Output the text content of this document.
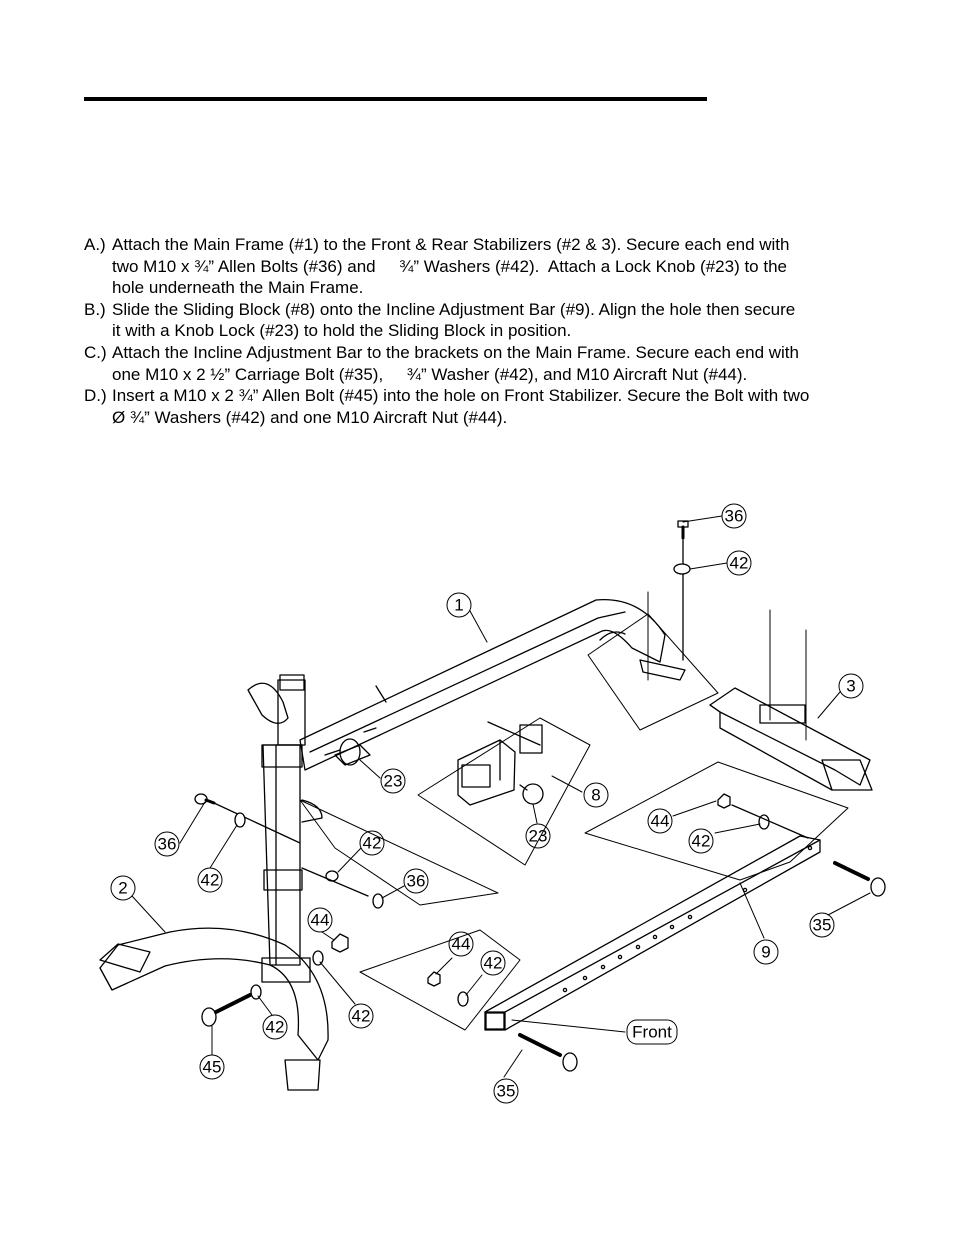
A.) Attach the Main Frame (#1) to the Front & Rear Stabilizers (#2 & 3). Secure each end with
two M10 x ¾” Allen Bolts (#36) and     ¾” Washers (#42).  Attach a Lock Knob (#23) to the
hole underneath the Main Frame.
B.) Slide the Sliding Block (#8) onto the Incline Adjustment Bar (#9). Align the hole then secure
it with a Knob Lock (#23) to hold the Sliding Block in position.
C.) Attach the Incline Adjustment Bar to the brackets on the Main Frame. Secure each end with
one M10 x 2 ½” Carriage Bolt (#35),     ¾” Washer (#42), and M10 Aircraft Nut (#44).
D.) Insert a M10 x 2 ¾” Allen Bolt (#45) into the hole on Front Stabilizer. Secure the Bolt with two
Ø ¾” Washers (#42) and one M10 Aircraft Nut (#44).
36
42
1
3
23
8
23
36
42
42
36
2
44
42
42
45
44
42
35
9
44
42
35
Front
